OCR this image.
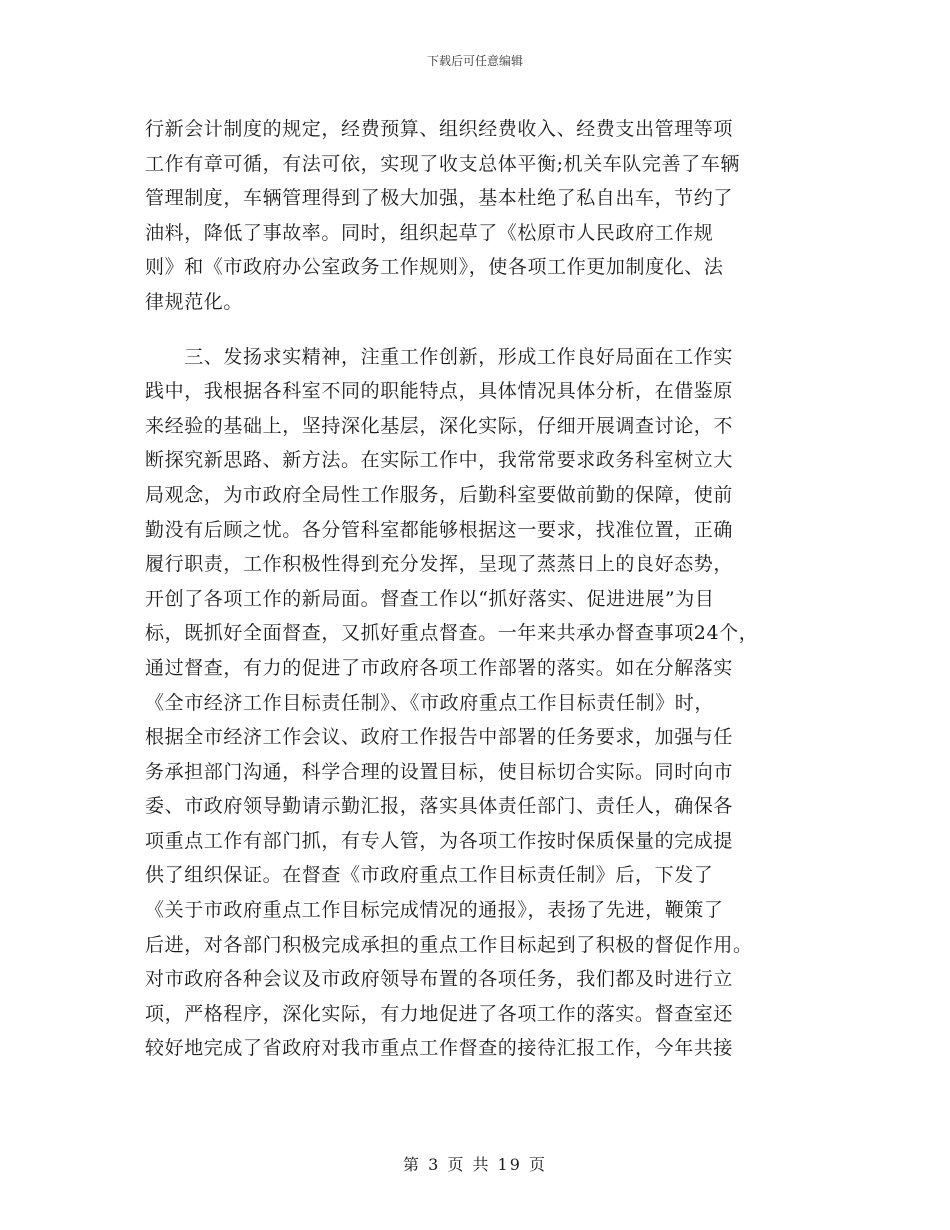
下载后可任意编辑
行新会计制度的规定，经费预算、组织经费收入、经费支出管理等项
工作有章可循，有法可依，实现了收支总体平衡;机关车队完善了车辆
管理制度，车辆管理得到了极大加强，基本杜绝了私自出车，节约了
油料，降低了事故率。同时，组织起草了《松原市人民政府工作规
则》和《市政府办公室政务工作规则》，使各项工作更加制度化、法
律规范化。
　　三、发扬求实精神，注重工作创新，形成工作良好局面在工作实
践中，我根据各科室不同的职能特点，具体情况具体分析，在借鉴原
来经验的基础上，坚持深化基层，深化实际，仔细开展调查讨论，不
断探究新思路、新方法。在实际工作中，我常常要求政务科室树立大
局观念，为市政府全局性工作服务，后勤科室要做前勤的保障，使前
勤没有后顾之忧。各分管科室都能够根据这一要求，找准位置，正确
履行职责，工作积极性得到充分发挥，呈现了蒸蒸日上的良好态势，
开创了各项工作的新局面。督查工作以“抓好落实、促进进展”为目
标，既抓好全面督查，又抓好重点督查。一年来共承办督查事项24个，
通过督查，有力的促进了市政府各项工作部署的落实。如在分解落实
《全市经济工作目标责任制》、《市政府重点工作目标责任制》时，
根据全市经济工作会议、政府工作报告中部署的任务要求，加强与任
务承担部门沟通，科学合理的设置目标，使目标切合实际。同时向市
委、市政府领导勤请示勤汇报，落实具体责任部门、责任人，确保各
项重点工作有部门抓，有专人管，为各项工作按时保质保量的完成提
供了组织保证。在督查《市政府重点工作目标责任制》后，下发了
《关于市政府重点工作目标完成情况的通报》，表扬了先进，鞭策了
后进，对各部门积极完成承担的重点工作目标起到了积极的督促作用。
对市政府各种会议及市政府领导布置的各项任务，我们都及时进行立
项，严格程序，深化实际，有力地促进了各项工作的落实。督查室还
较好地完成了省政府对我市重点工作督查的接待汇报工作，今年共接
第 3 页 共 19 页
